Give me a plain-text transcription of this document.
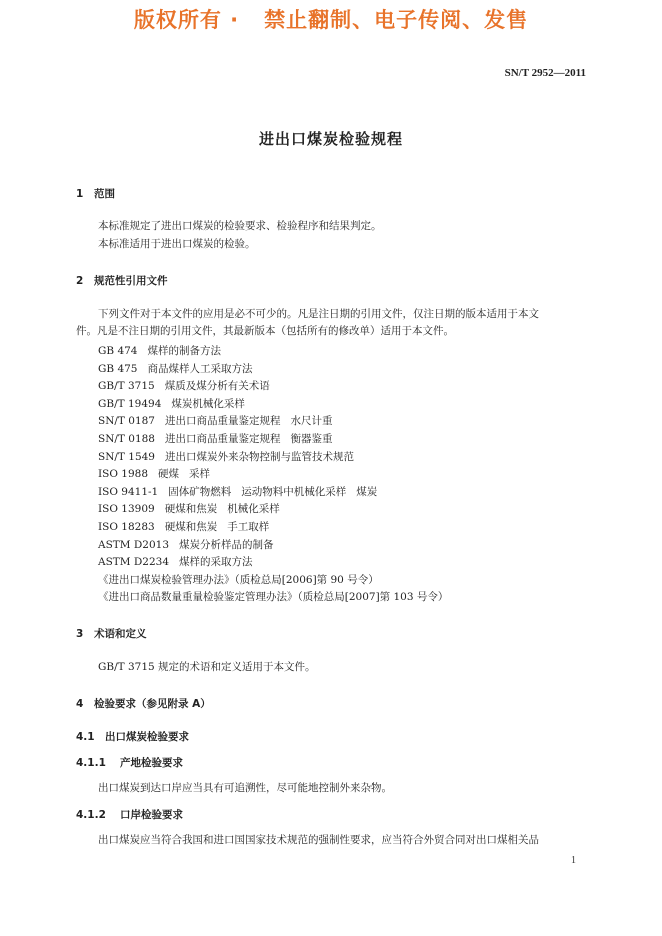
版权所有 ·   禁止翻制、电子传阅、发售
SN/T 2952—2011
进出口煤炭检验规程
1 范围
本标准规定了进出口煤炭的检验要求、检验程序和结果判定。
本标准适用于进出口煤炭的检验。
2 规范性引用文件
下列文件对于本文件的应用是必不可少的。凡是注日期的引用文件，仅注日期的版本适用于本文
件。凡是不注日期的引用文件，其最新版本（包括所有的修改单）适用于本文件。
GB 474   煤样的制备方法
GB 475   商品煤样人工采取方法
GB/T 3715   煤质及煤分析有关术语
GB/T 19494   煤炭机械化采样
SN/T 0187   进出口商品重量鉴定规程   水尺计重
SN/T 0188   进出口商品重量鉴定规程   衡器鉴重
SN/T 1549   进出口煤炭外来杂物控制与监管技术规范
ISO 1988   硬煤   采样
ISO 9411-1   固体矿物燃料   运动物料中机械化采样   煤炭
ISO 13909   硬煤和焦炭   机械化采样
ISO 18283   硬煤和焦炭   手工取样
ASTM D2013   煤炭分析样品的制备
ASTM D2234   煤样的采取方法
《进出口煤炭检验管理办法》（质检总局[2006]第 90 号令）
《进出口商品数量重量检验鉴定管理办法》（质检总局[2007]第 103 号令）
3 术语和定义
GB/T 3715 规定的术语和定义适用于本文件。
4 检验要求（参见附录 A）
4.1 出口煤炭检验要求
4.1.1 产地检验要求
出口煤炭到达口岸应当具有可追溯性，尽可能地控制外来杂物。
4.1.2 口岸检验要求
出口煤炭应当符合我国和进口国国家技术规范的强制性要求，应当符合外贸合同对出口煤相关品
1
